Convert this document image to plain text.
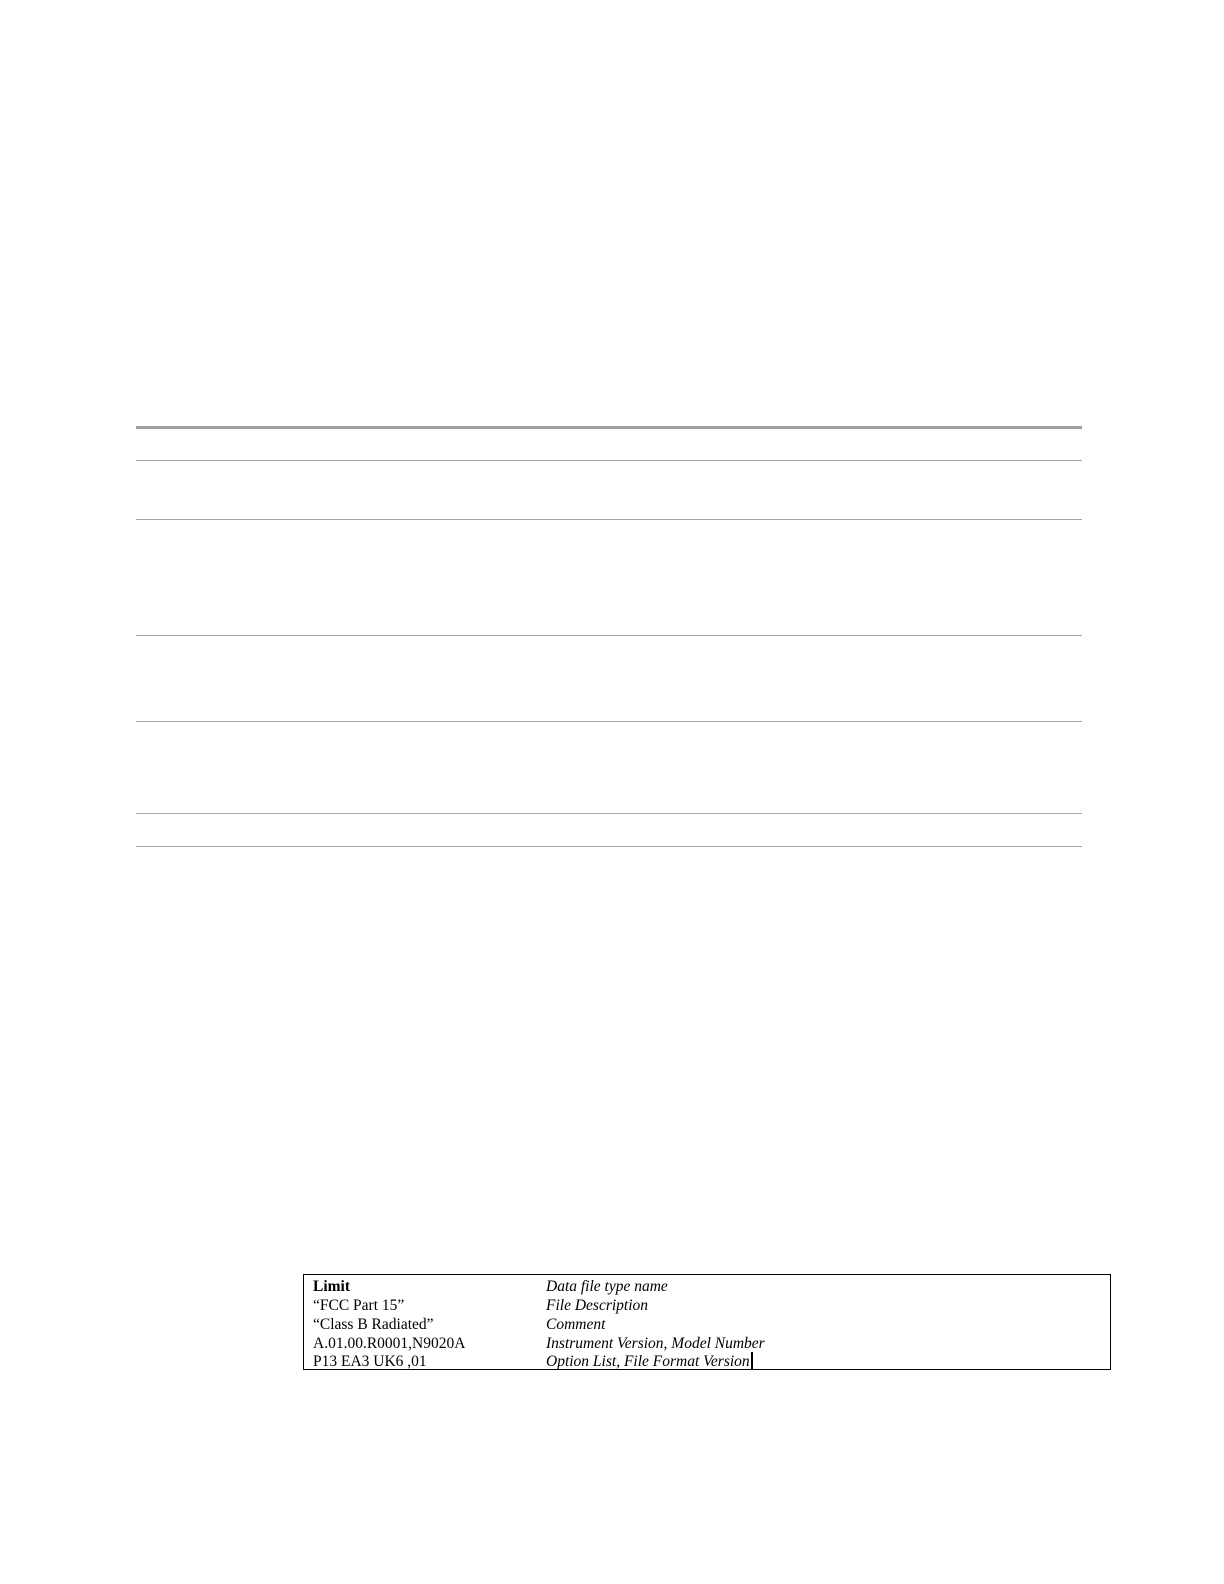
Limit	Data file type name
“FCC Part 15”	File Description
“Class B Radiated”	Comment
A.01.00.R0001,N9020A	Instrument Version, Model Number
P13 EA3 UK6 ,01	Option List, File Format Version
